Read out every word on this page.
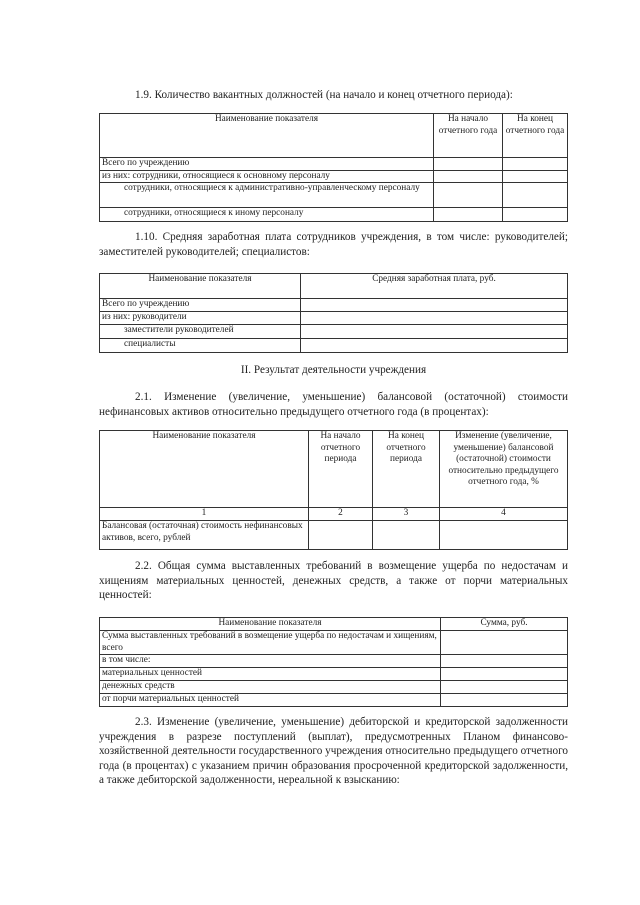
1.9. Количество вакантных должностей (на начало и конец отчетного периода):
Наименование показателя	На начало отчетного года	На конец отчетного года
Всего по учреждению		
из них: сотрудники, относящиеся к основному персоналу		
сотрудники, относящиеся к административно-управленческому персоналу		
сотрудники, относящиеся к иному персоналу		
1.10. Средняя заработная плата сотрудников учреждения, в том числе: руководителей; заместителей руководителей; специалистов:
Наименование показателя	Средняя заработная плата, руб.
Всего по учреждению	
из них: руководители	
заместители руководителей	
специалисты	
II. Результат деятельности учреждения
2.1. Изменение (увеличение, уменьшение) балансовой (остаточной) стоимости нефинансовых активов относительно предыдущего отчетного года (в процентах):
Наименование показателя	На начало отчетного периода	На конец отчетного периода	Изменение (увеличение, уменьшение) балансовой (остаточной) стоимости относительно предыдущего отчетного года, %
1	2	3	4
Балансовая (остаточная) стоимость нефинансовых активов, всего, рублей			
2.2. Общая сумма выставленных требований в возмещение ущерба по недостачам и хищениям материальных ценностей, денежных средств, а также от порчи материальных ценностей:
Наименование показателя	Сумма, руб.
Сумма выставленных требований в возмещение ущерба по недостачам и хищениям, всего	
в том числе:	
материальных ценностей	
денежных средств	
от порчи материальных ценностей	
2.3. Изменение (увеличение, уменьшение) дебиторской и кредиторской задолженности учреждения в разрезе поступлений (выплат), предусмотренных Планом финансово-хозяйственной деятельности государственного учреждения относительно предыдущего отчетного года (в процентах) с указанием причин образования просроченной кредиторской задолженности, а также дебиторской задолженности, нереальной к взысканию:
